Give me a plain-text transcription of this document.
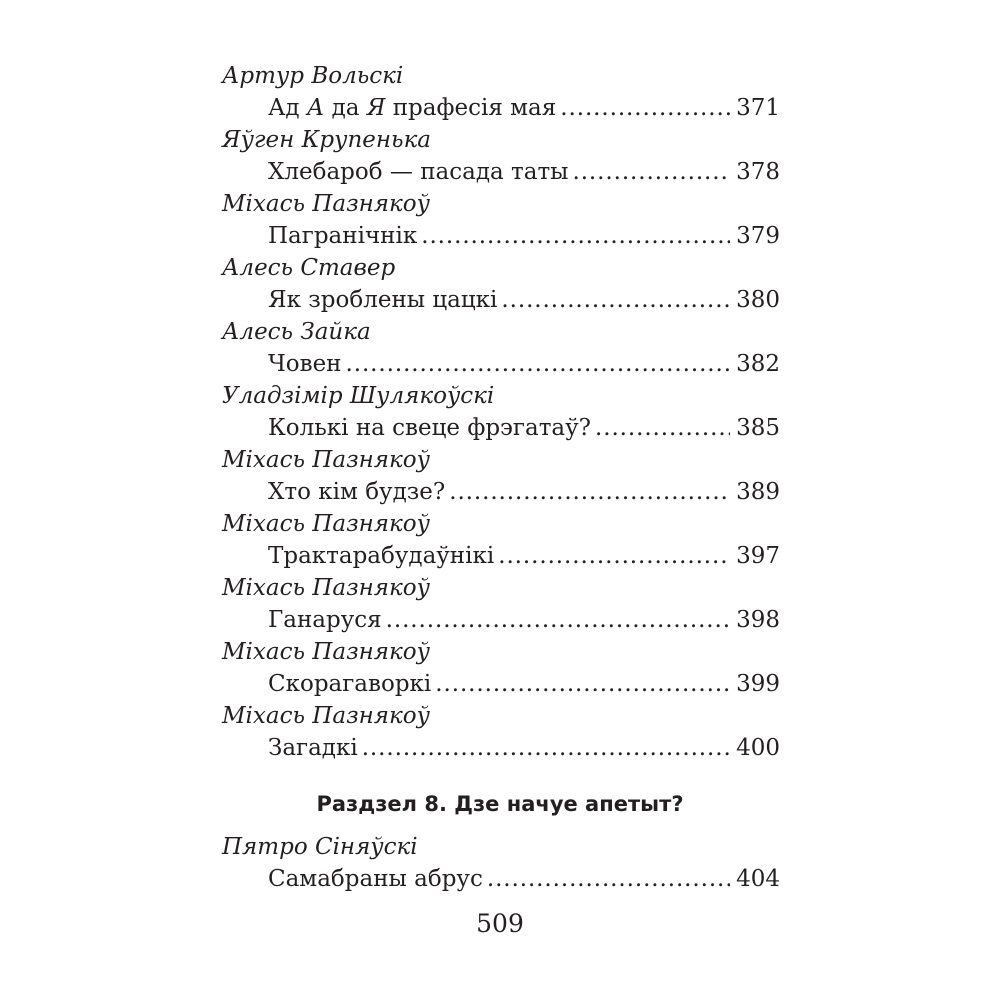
Артур Вольскі
Ад А да Я прафесія мая . . .	371
Яўген Крупенька
Хлебароб — пасада таты . . .	378
Міхась Пазнякоў
Пагранічнік . . .	379
Алесь Ставер
Як зроблены цацкі . . .	380
Алесь Зайка
Човен . . .	382
Уладзімір Шулякоўскі
Колькі на свеце фрэгатаў? . . .	385
Міхась Пазнякоў
Хто кім будзе? . . .	389
Міхась Пазнякоў
Трактарабудаўнікі . . .	397
Міхась Пазнякоў
Ганаруся . . .	398
Міхась Пазнякоў
Скорагаворкі . . .	399
Міхась Пазнякоў
Загадкі . . .	400
Раздзел 8. Дзе начуе апетыт?
Пятро Сіняўскі
Самабраны абрус . . .	404
509
